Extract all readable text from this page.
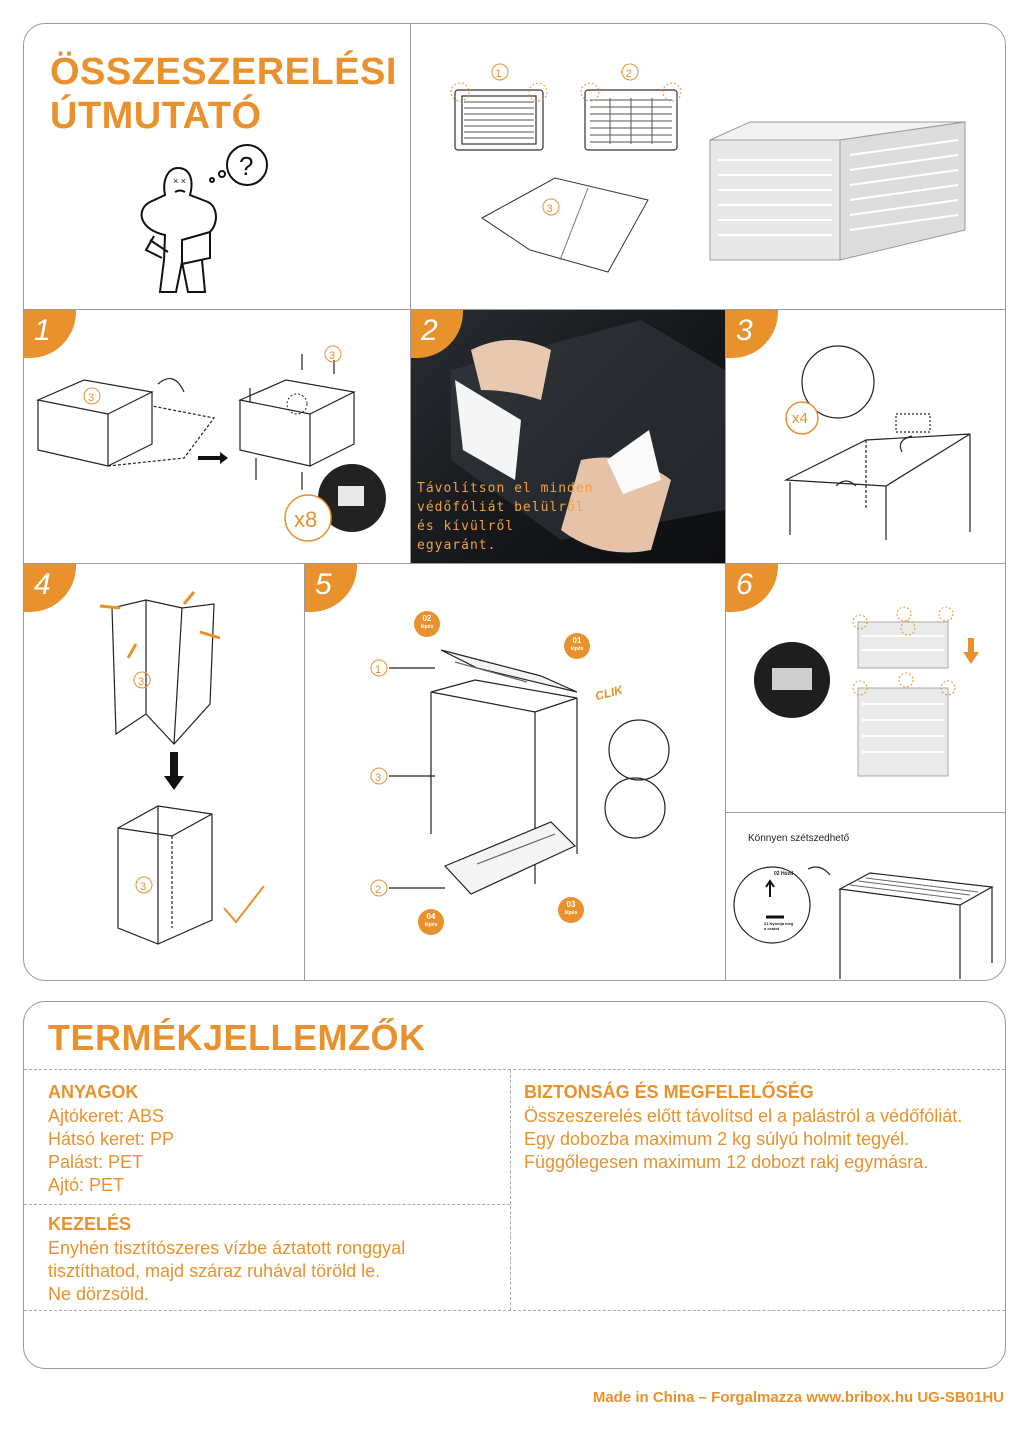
ÖSSZESZERELÉSI
ÚTMUTATÓ
?
× ×
1	2
3
1
3
3
x8
2
Távolítson el minden
védőfóliát belülről
és kívülről
egyaránt.
3
x4
4
3
3
5
1
3
2
02
lépés
01
lépés
04
lépés
03
lépés
CLIK
6
Könnyen szétszedhető
02 Húzd
01 Nyomja meg a csatot
TERMÉKJELLEMZŐK
ANYAGOK
Ajtókeret: ABS
Hátsó keret: PP
Palást: PET
Ajtó: PET
KEZELÉS
Enyhén tisztítószeres vízbe áztatott ronggyal
tisztíthatod, majd száraz ruhával töröld le.
Ne dörzsöld.
BIZTONSÁG ÉS MEGFELELŐSÉG
Összeszerelés előtt távolítsd el a palástról a védőfóliát.
Egy dobozba maximum 2 kg súlyú holmit tegyél.
Függőlegesen maximum 12 dobozt rakj egymásra.
Made in China – Forgalmazza www.bribox.hu UG-SB01HU
